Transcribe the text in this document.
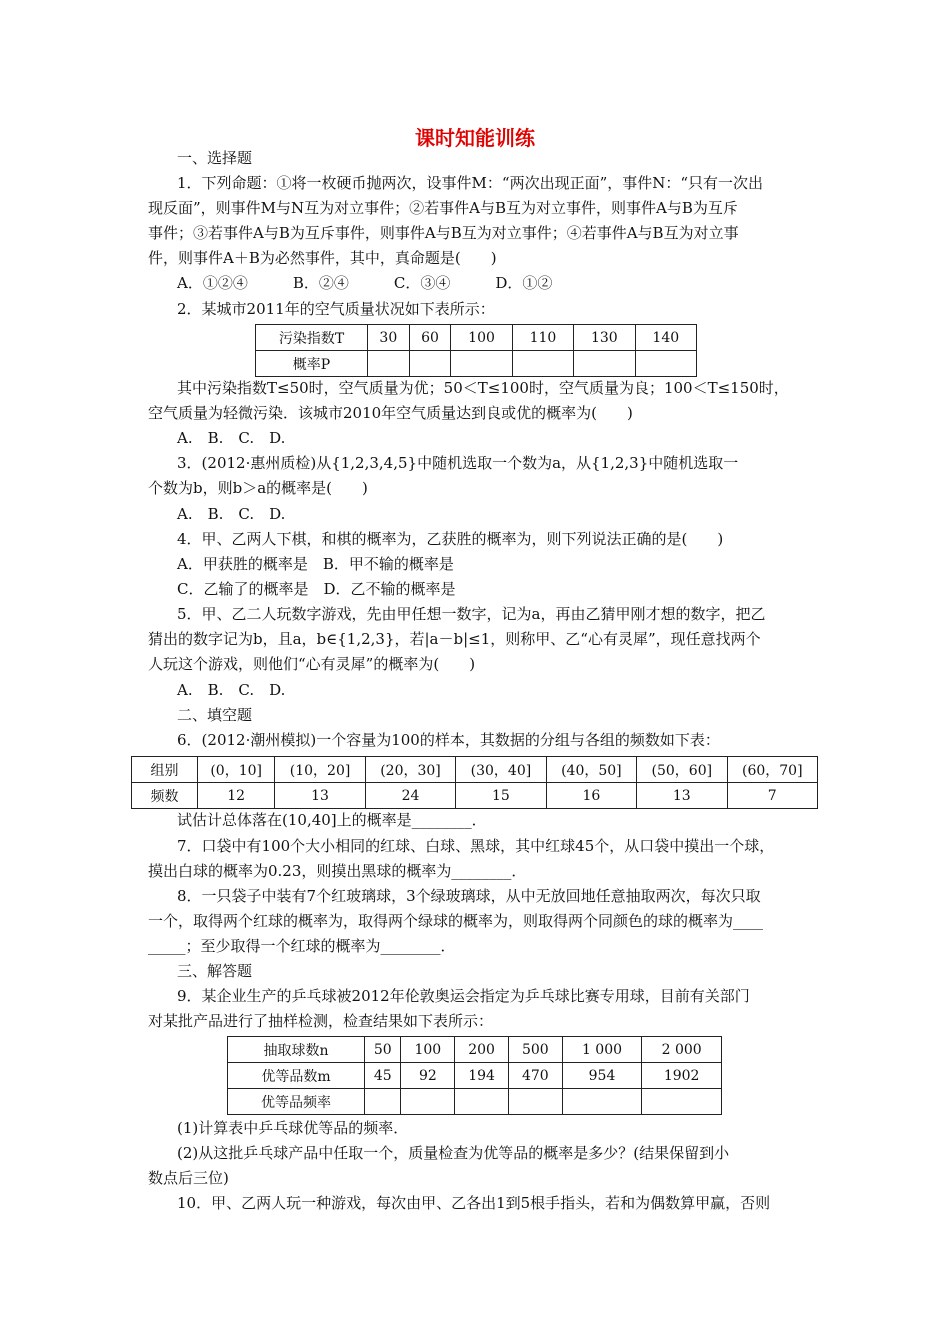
课时知能训练
一、选择题
1．下列命题：①将一枚硬币抛两次，设事件M：“两次出现正面”，事件N：“只有一次出
现反面”，则事件M与N互为对立事件；②若事件A与B互为对立事件，则事件A与B为互斥
事件；③若事件A与B为互斥事件，则事件A与B互为对立事件；④若事件A与B互为对立事
件，则事件A＋B为必然事件，其中，真命题是(　　)
A．①②④　　　B．②④　　　C．③④　　　D．①②
2．某城市2011年的空气质量状况如下表所示：
污染指数T	30	60	100	110	130	140
概率P						
其中污染指数T≤50时，空气质量为优；50＜T≤100时，空气质量为良；100＜T≤150时，
空气质量为轻微污染．该城市2010年空气质量达到良或优的概率为(　　)
A.　B.　C.　D.
3．(2012·惠州质检)从{1,2,3,4,5}中随机选取一个数为a，从{1,2,3}中随机选取一
个数为b，则b＞a的概率是(　　)
A.　B.　C.　D.
4．甲、乙两人下棋，和棋的概率为，乙获胜的概率为，则下列说法正确的是(　　)
A．甲获胜的概率是　B．甲不输的概率是
C．乙输了的概率是　D．乙不输的概率是
5．甲、乙二人玩数字游戏，先由甲任想一数字，记为a，再由乙猜甲刚才想的数字，把乙
猜出的数字记为b，且a，b∈{1,2,3}，若|a－b|≤1，则称甲、乙“心有灵犀”，现任意找两个
人玩这个游戏，则他们“心有灵犀”的概率为(　　)
A.　B.　C.　D.
二、填空题
6．(2012·潮州模拟)一个容量为100的样本，其数据的分组与各组的频数如下表：
组别	(0，10]	(10，20]	(20，30]	(30，40]	(40，50]	(50，60]	(60，70]
频数	12	13	24	15	16	13	7
试估计总体落在(10,40]上的概率是________．
7．口袋中有100个大小相同的红球、白球、黑球，其中红球45个，从口袋中摸出一个球，
摸出白球的概率为0.23，则摸出黑球的概率为________．
8．一只袋子中装有7个红玻璃球，3个绿玻璃球，从中无放回地任意抽取两次，每次只取
一个，取得两个红球的概率为，取得两个绿球的概率为，则取得两个同颜色的球的概率为____
_____；至少取得一个红球的概率为________．
三、解答题
9．某企业生产的乒乓球被2012年伦敦奥运会指定为乒乓球比赛专用球，目前有关部门
对某批产品进行了抽样检测，检查结果如下表所示：
抽取球数n	50	100	200	500	1 000	2 000
优等品数m	45	92	194	470	954	1902
优等品频率						
(1)计算表中乒乓球优等品的频率．
(2)从这批乒乓球产品中任取一个，质量检查为优等品的概率是多少？(结果保留到小
数点后三位)
10．甲、乙两人玩一种游戏，每次由甲、乙各出1到5根手指头，若和为偶数算甲赢，否则
